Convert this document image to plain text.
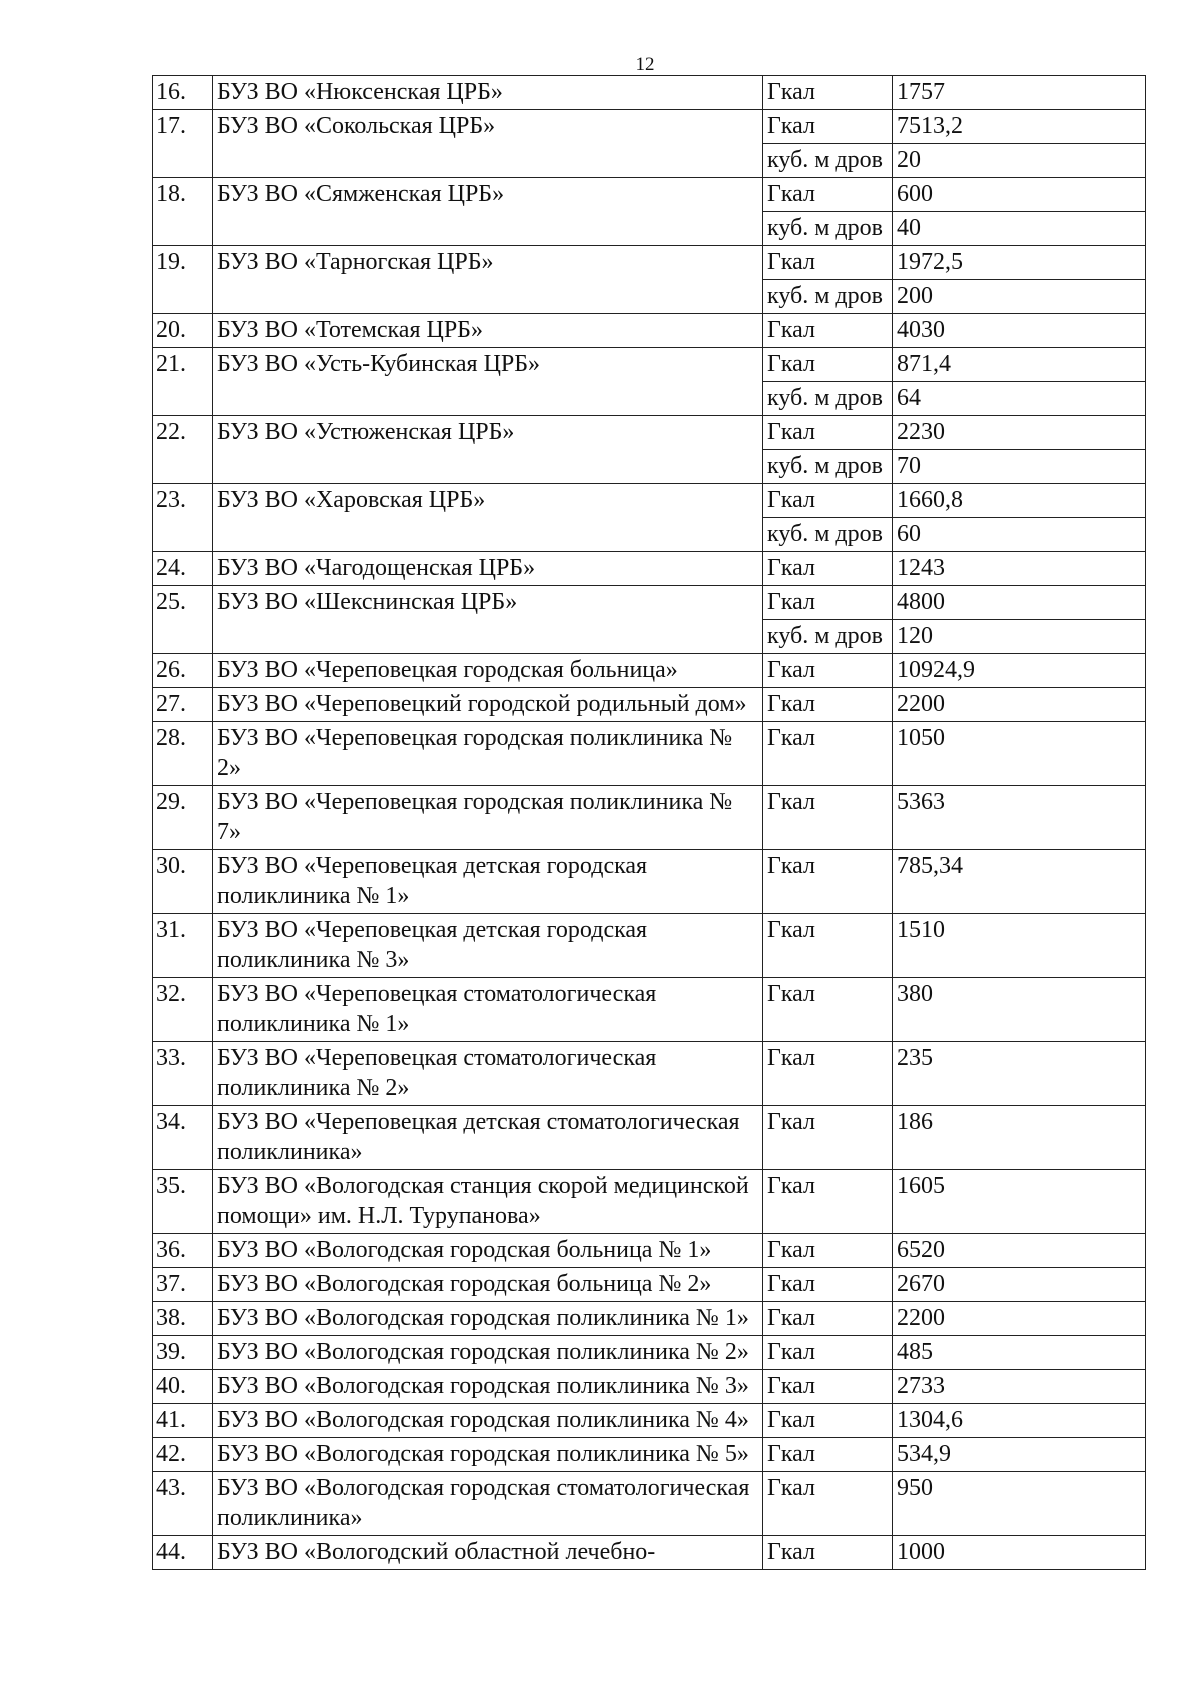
12
16.	БУЗ ВО «Нюксенская ЦРБ»	Гкал	1757
17.	БУЗ ВО «Сокольская ЦРБ»	Гкал	7513,2
		куб. м дров	20
18.	БУЗ ВО «Сямженская ЦРБ»	Гкал	600
		куб. м дров	40
19.	БУЗ ВО «Тарногская ЦРБ»	Гкал	1972,5
		куб. м дров	200
20.	БУЗ ВО «Тотемская ЦРБ»	Гкал	4030
21.	БУЗ ВО «Усть-Кубинская ЦРБ»	Гкал	871,4
		куб. м дров	64
22.	БУЗ ВО «Устюженская ЦРБ»	Гкал	2230
		куб. м дров	70
23.	БУЗ ВО «Харовская ЦРБ»	Гкал	1660,8
		куб. м дров	60
24.	БУЗ ВО «Чагодощенская ЦРБ»	Гкал	1243
25.	БУЗ ВО «Шекснинская ЦРБ»	Гкал	4800
		куб. м дров	120
26.	БУЗ ВО «Череповецкая городская больница»	Гкал	10924,9
27.	БУЗ ВО «Череповецкий городской родильный дом»	Гкал	2200
28.	БУЗ ВО «Череповецкая городская поликлиника № 2»	Гкал	1050
29.	БУЗ ВО «Череповецкая городская поликлиника № 7»	Гкал	5363
30.	БУЗ ВО «Череповецкая детская городская поликлиника № 1»	Гкал	785,34
31.	БУЗ ВО «Череповецкая детская городская поликлиника № 3»	Гкал	1510
32.	БУЗ ВО «Череповецкая стоматологическая поликлиника № 1»	Гкал	380
33.	БУЗ ВО «Череповецкая стоматологическая поликлиника № 2»	Гкал	235
34.	БУЗ ВО «Череповецкая детская стоматологическая поликлиника»	Гкал	186
35.	БУЗ ВО «Вологодская станция скорой медицинской помощи» им. Н.Л. Турупанова»	Гкал	1605
36.	БУЗ ВО «Вологодская городская больница № 1»	Гкал	6520
37.	БУЗ ВО «Вологодская городская больница № 2»	Гкал	2670
38.	БУЗ ВО «Вологодская городская поликлиника № 1»	Гкал	2200
39.	БУЗ ВО «Вологодская городская поликлиника № 2»	Гкал	485
40.	БУЗ ВО «Вологодская городская поликлиника № 3»	Гкал	2733
41.	БУЗ ВО «Вологодская городская поликлиника № 4»	Гкал	1304,6
42.	БУЗ ВО «Вологодская городская поликлиника № 5»	Гкал	534,9
43.	БУЗ ВО «Вологодская городская стоматологическая поликлиника»	Гкал	950
44.	БУЗ ВО «Вологодский областной лечебно-	Гкал	1000
